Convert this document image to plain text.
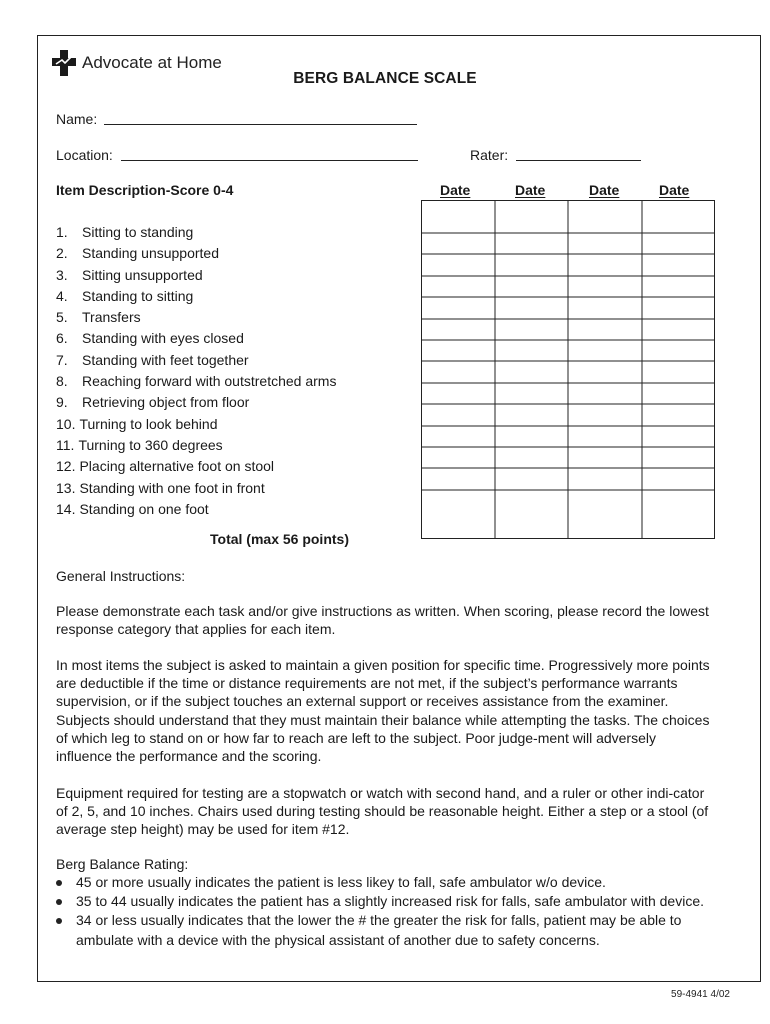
Advocate at Home
BERG BALANCE SCALE
Name:
Location:	Rater:
Item Description-Score 0-4	Date	Date	Date	Date
1. Sitting to standing
2. Standing unsupported
3. Sitting unsupported
4. Standing to sitting
5. Transfers
6. Standing with eyes closed
7. Standing with feet together
8. Reaching forward with outstretched arms
9. Retrieving object from floor
10. Turning to look behind
11. Turning to 360 degrees
12. Placing alternative foot on stool
13. Standing with one foot in front
14. Standing on one foot
Total (max 56 points)
General Instructions:

Please demonstrate each task and/or give instructions as written. When scoring, please record the lowest response category that applies for each item.

In most items the subject is asked to maintain a given position for specific time. Progressively more points are deductible if the time or distance requirements are not met, if the subject’s performance warrants supervision, or if the subject touches an external support or receives assistance from the examiner. Subjects should understand that they must maintain their balance while attempting the tasks. The choices of which leg to stand on or how far to reach are left to the subject. Poor judge-ment will adversely influence the performance and the scoring.

Equipment required for testing are a stopwatch or watch with second hand, and a ruler or other indi-cator of 2, 5, and 10 inches. Chairs used during testing should be reasonable height. Either a step or a stool (of average step height) may be used for item #12.

Berg Balance Rating:
45 or more usually indicates the patient is less likey to fall, safe ambulator w/o device.
35 to 44 usually indicates the patient has a slightly increased risk for falls, safe ambulator with device.
34 or less usually indicates that the lower the # the greater the risk for falls, patient may be able to ambulate with a device with the physical assistant of another due to safety concerns.
59-4941 4/02
